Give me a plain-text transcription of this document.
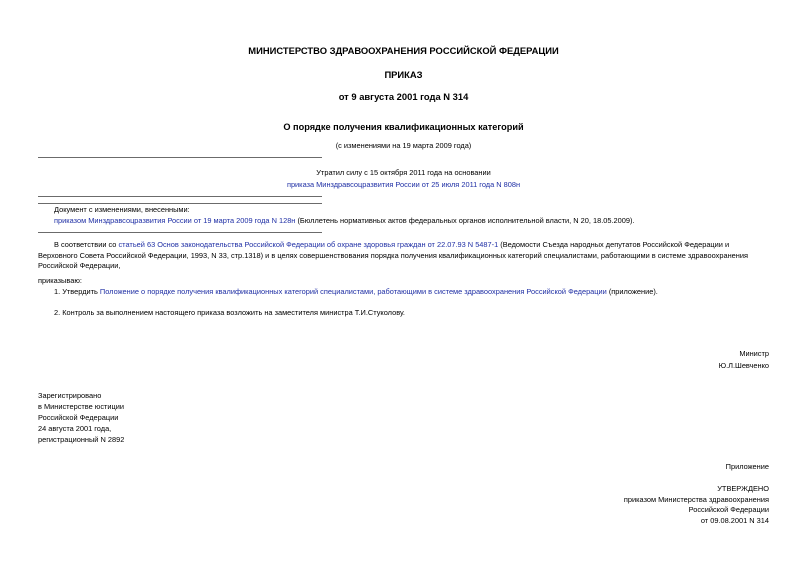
МИНИСТЕРСТВО ЗДРАВООХРАНЕНИЯ РОССИЙСКОЙ ФЕДЕРАЦИИ
ПРИКАЗ
от 9 августа 2001 года N 314
О порядке получения квалификационных категорий
(с изменениями на 19 марта 2009 года)
Утратил силу с 15 октября 2011 года на основании
приказа Минздравсоцразвития России от 25 июля 2011 года N 808н
Документ с изменениями, внесенными:
приказом Минздравсоцразвития России от 19 марта 2009 года N 128н (Бюллетень нормативных актов федеральных органов исполнительной власти, N 20, 18.05.2009).
В соответствии со статьей 63 Основ законодательства Российской Федерации об охране здоровья граждан от 22.07.93 N 5487-1 (Ведомости Съезда народных депутатов Российской Федерации и Верховного Совета Российской Федерации, 1993, N 33, стр.1318) и в целях совершенствования порядка получения квалификационных категорий специалистами, работающими в системе здравоохранения Российской Федерации,
приказываю:
1. Утвердить Положение о порядке получения квалификационных категорий специалистами, работающими в системе здравоохранения Российской Федерации (приложение).
2. Контроль за выполнением настоящего приказа возложить на заместителя министра Т.И.Стуколову.
Министр
Ю.Л.Шевченко
Зарегистрировано
в Министерстве юстиции
Российской Федерации
24 августа 2001 года,
регистрационный N 2892
Приложение
УТВЕРЖДЕНО
приказом Министерства здравоохранения
Российской Федерации
от 09.08.2001 N 314
